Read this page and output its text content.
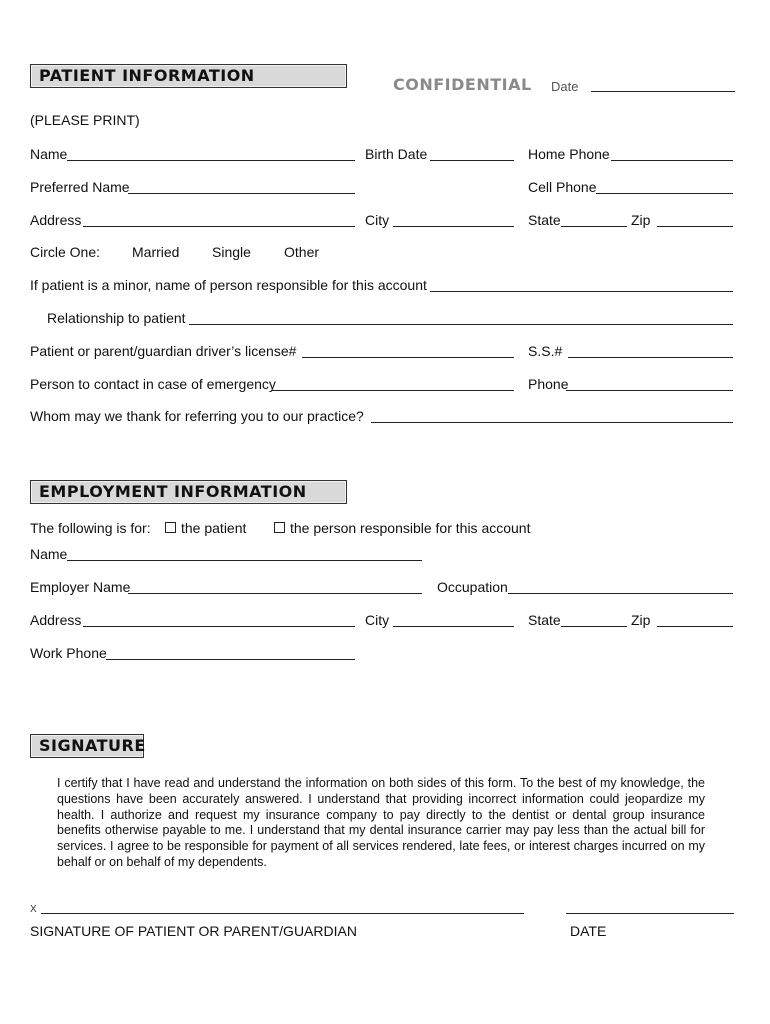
PATIENT INFORMATION	CONFIDENTIAL Date
(PLEASE PRINT)
Name	Birth Date	Home Phone
Preferred Name	Cell Phone
Address	City	State	Zip
Circle One: Married Single Other
If patient is a minor, name of person responsible for this account
Relationship to patient
Patient or parent/guardian driver’s license#	S.S.#
Person to contact in case of emergency	Phone
Whom may we thank for referring you to our practice?
EMPLOYMENT INFORMATION
The following is for:	the patient	the person responsible for this account
Name
Employer Name	Occupation
Address	City	State	Zip
Work Phone
SIGNATURE
I certify that I have read and understand the information on both sides of this form. To the best of my knowledge, the questions have been accurately answered. I understand that providing incorrect information could jeopardize my health. I authorize and request my insurance company to pay directly to the dentist or dental group insurance benefits otherwise payable to me. I understand that my dental insurance carrier may pay less than the actual bill for services. I agree to be responsible for payment of all services rendered, late fees, or interest charges incurred on my behalf or on behalf of my dependents.
X
SIGNATURE OF PATIENT OR PARENT/GUARDIAN	DATE
